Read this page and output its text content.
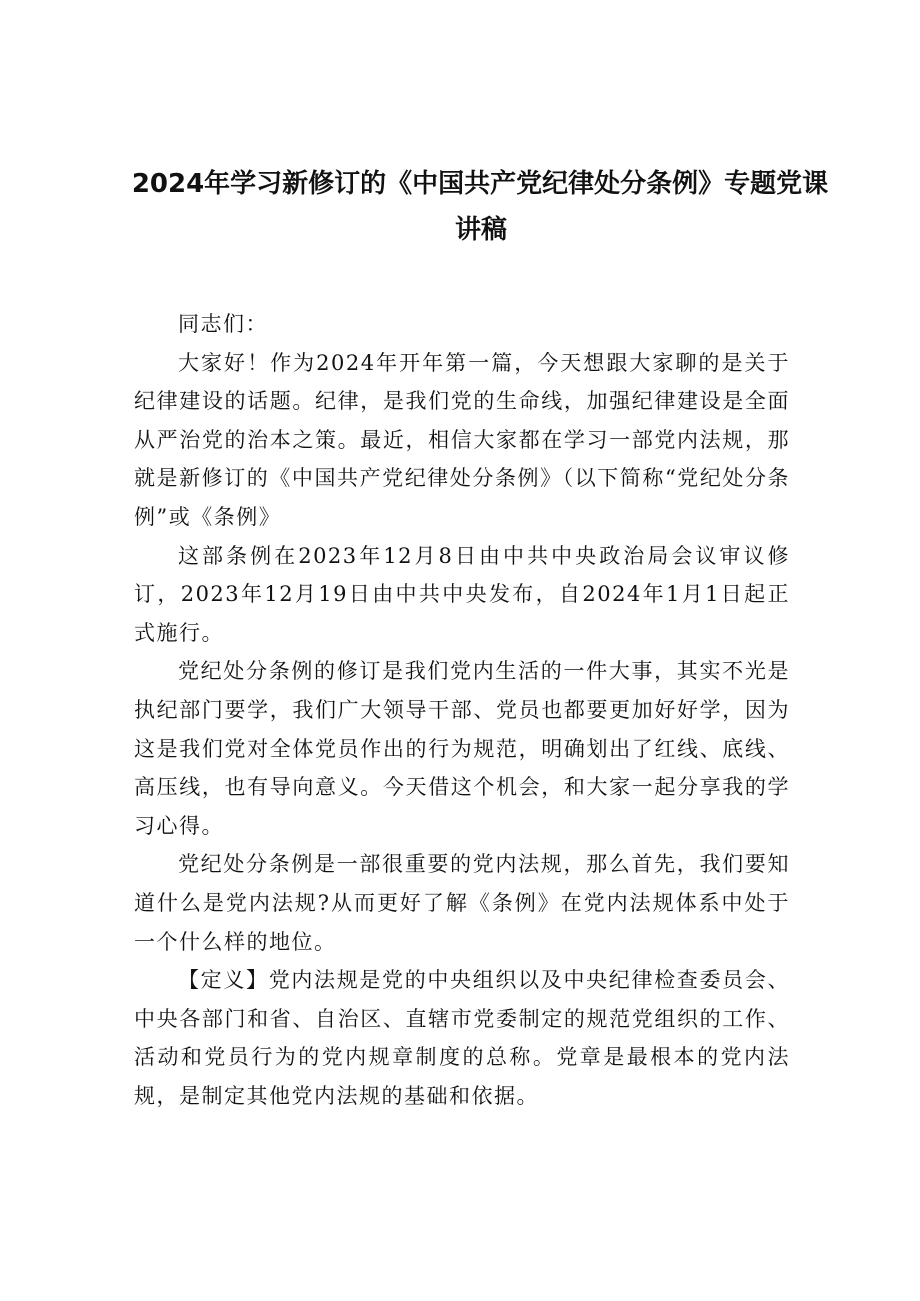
2024年学习新修订的《中国共产党纪律处分条例》专题党课
讲稿

同志们：

大家好！作为2024年开年第一篇，今天想跟大家聊的是关于纪律建设的话题。纪律，是我们党的生命线，加强纪律建设是全面从严治党的治本之策。最近，相信大家都在学习一部党内法规，那就是新修订的《中国共产党纪律处分条例》（以下简称“党纪处分条例”或《条例》

这部条例在2023年12月8日由中共中央政治局会议审议修订，2023年12月19日由中共中央发布，自2024年1月1日起正式施行。

党纪处分条例的修订是我们党内生活的一件大事，其实不光是执纪部门要学，我们广大领导干部、党员也都要更加好好学，因为这是我们党对全体党员作出的行为规范，明确划出了红线、底线、高压线，也有导向意义。今天借这个机会，和大家一起分享我的学习心得。

党纪处分条例是一部很重要的党内法规，那么首先，我们要知道什么是党内法规?从而更好了解《条例》在党内法规体系中处于一个什么样的地位。

【定义】党内法规是党的中央组织以及中央纪律检查委员会、中央各部门和省、自治区、直辖市党委制定的规范党组织的工作、活动和党员行为的党内规章制度的总称。党章是最根本的党内法规，是制定其他党内法规的基础和依据。
